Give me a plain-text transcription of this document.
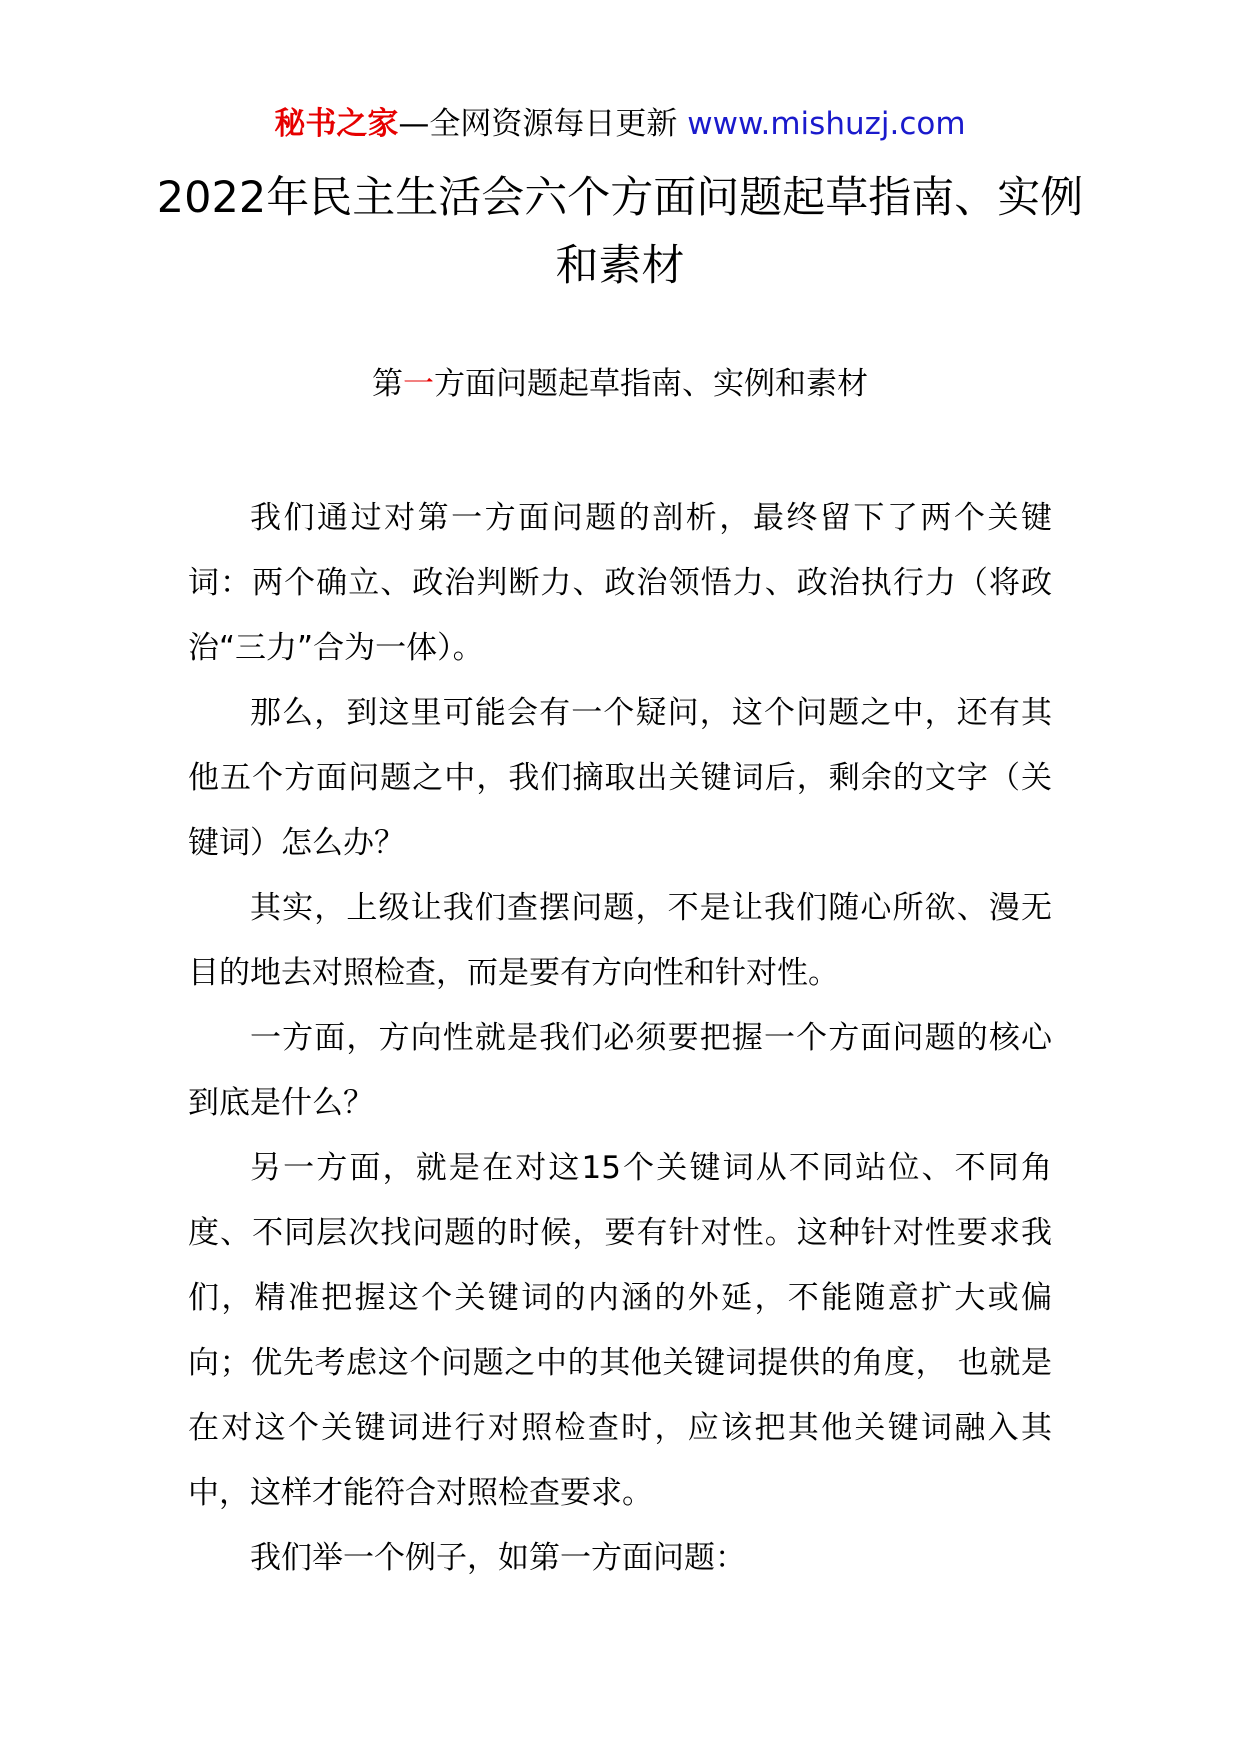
秘书之家—全网资源每日更新 www.mishuzj.com
2022年民主生活会六个方面问题起草指南、实例和素材
第一方面问题起草指南、实例和素材

我们通过对第一方面问题的剖析，最终留下了两个关键词：两个确立、政治判断力、政治领悟力、政治执行力（将政治“三力”合为一体）。

那么，到这里可能会有一个疑问，这个问题之中，还有其他五个方面问题之中，我们摘取出关键词后，剩余的文字（关键词）怎么办？

其实，上级让我们查摆问题，不是让我们随心所欲、漫无目的地去对照检查，而是要有方向性和针对性。

一方面，方向性就是我们必须要把握一个方面问题的核心到底是什么？

另一方面，就是在对这15个关键词从不同站位、不同角度、不同层次找问题的时候，要有针对性。这种针对性要求我们，精准把握这个关键词的内涵的外延，不能随意扩大或偏向；优先考虑这个问题之中的其他关键词提供的角度， 也就是在对这个关键词进行对照检查时，应该把其他关键词融入其中，这样才能符合对照检查要求。

我们举一个例子，如第一方面问题：
